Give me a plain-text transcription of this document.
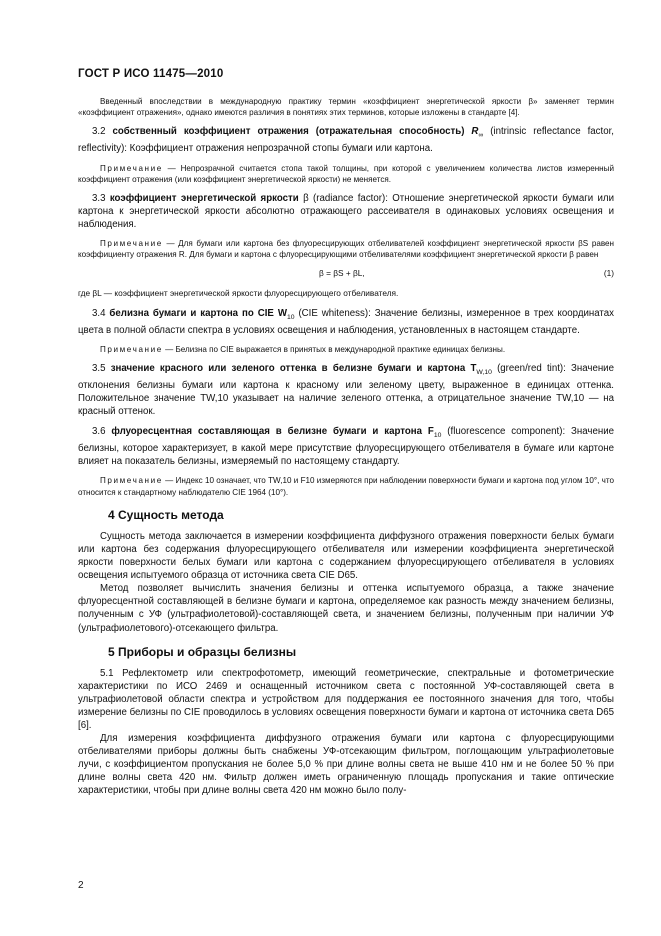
ГОСТ Р ИСО 11475—2010

Введенный впоследствии в международную практику термин «коэффициент энергетической яркости β» заменяет термин «коэффициент отражения», однако имеются различия в понятиях этих терминов, которые изложены в стандарте [4].

3.2 собственный коэффициент отражения (отражательная способность) $R_\infty$ (intrinsic reflectance factor, reflectivity): Коэффициент отражения непрозрачной стопы бумаги или картона.

Примечание — Непрозрачной считается стопа такой толщины, при которой с увеличением количества листов измеренный коэффициент отражения (или коэффициент энергетической яркости) не меняется.

3.3 коэффициент энергетической яркости β (radiance factor): Отношение энергетической яркости бумаги или картона к энергетической яркости абсолютно отражающего рассеивателя в одинаковых условиях освещения и наблюдения.

Примечание — Для бумаги или картона без флуоресцирующих отбеливателей коэффициент энергетической яркости βS равен коэффициенту отражения R. Для бумаги и картона с флуоресцирующими отбеливателями коэффициент энергетической яркости β равен

β = βS + βL,	(1)

где βL — коэффициент энергетической яркости флуоресцирующего отбеливателя.

3.4 белизна бумаги и картона по CIE $W_{10}$ (CIE whiteness): Значение белизны, измеренное в трех координатах цвета в полной области спектра в условиях освещения и наблюдения, установленных в настоящем стандарте.

Примечание — Белизна по CIE выражается в принятых в международной практике единицах белизны.

3.5 значение красного или зеленого оттенка в белизне бумаги и картона $T_{W,10}$ (green/red tint): Значение отклонения белизны бумаги или картона к красному или зеленому цвету, выраженное в единицах оттенка. Положительное значение TW,10 указывает на наличие зеленого оттенка, а отрицательное значение TW,10 — на красный оттенок.

3.6 флуоресцентная составляющая в белизне бумаги и картона $F_{10}$ (fluorescence component): Значение белизны, которое характеризует, в какой мере присутствие флуоресцирующего отбеливателя в бумаге или картоне влияет на показатель белизны, измеряемый по настоящему стандарту.

Примечание — Индекс 10 означает, что TW,10 и F10 измеряются при наблюдении поверхности бумаги и картона под углом 10°, что относится к стандартному наблюдателю CIE 1964 (10°).

4 Сущность метода

Сущность метода заключается в измерении коэффициента диффузного отражения поверхности белых бумаги или картона без содержания флуоресцирующего отбеливателя или измерении коэффициента энергетической яркости поверхности белых бумаги или картона с содержанием флуоресцирующего отбеливателя в условиях освещения испытуемого образца от источника света CIE D65.

Метод позволяет вычислить значения белизны и оттенка испытуемого образца, а также значение флуоресцентной составляющей в белизне бумаги и картона, определяемое как разность между значением белизны, полученным с УФ (ультрафиолетовой)-составляющей света, и значением белизны, полученным при наличии УФ (ультрафиолетового)-отсекающего фильтра.

5 Приборы и образцы белизны

5.1 Рефлектометр или спектрофотометр, имеющий геометрические, спектральные и фотометрические характеристики по ИСО 2469 и оснащенный источником света с постоянной УФ-составляющей света в ультрафиолетовой области спектра и устройством для поддержания ее постоянного значения для того, чтобы измерение белизны по CIE проводилось в условиях освещения поверхности бумаги и картона от источника света D65 [6].

Для измерения коэффициента диффузного отражения бумаги или картона с флуоресцирующими отбеливателями приборы должны быть снабжены УФ-отсекающим фильтром, поглощающим ультрафиолетовые лучи, с коэффициентом пропускания не более 5,0 % при длине волны света не выше 410 нм и не более 50 % при длине волны света 420 нм. Фильтр должен иметь ограниченную площадь пропускания и такие оптические характеристики, чтобы при длине волны света 420 нм можно было полу-

2
